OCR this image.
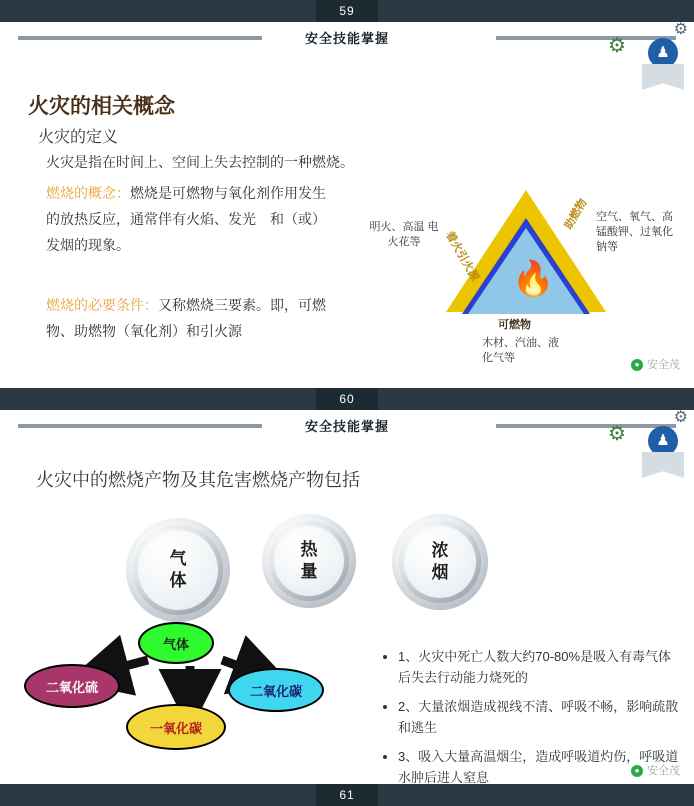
59
安全技能掌握
⚙
⚙	♟
火灾的相关概念
火灾的定义
火灾是指在时间上、空间上失去控制的一种燃烧。
燃烧的概念：燃烧是可燃物与氧化剂作用发生的放热反应，通常伴有火焰、发光　和（或）发烟的现象。
燃烧的必要条件：又称燃烧三要素。即，可燃物、助燃物（氧化剂）和引火源
🔥
着火引火源
助燃物
可燃物
明火、高温 电火花等
空气、氧气、高锰酸钾、过氧化钠等
木材、汽油、液化气等
● 安全茂
60
安全技能掌握
⚙
⚙	♟
火灾中的燃烧产物及其危害燃烧产物包括
气
体
热
量
浓
烟
气体
二氧化硫	二氧化碳
一氧化碳
• 1、火灾中死亡人数大约70-80%是吸入有毒气体后失去行动能力烧死的
• 2、大量浓烟造成视线不清、呼吸不畅，影响疏散和逃生
• 3、吸入大量高温烟尘，造成呼吸道灼伤，呼吸道水肿后进人窒息	● 安全茂
61
